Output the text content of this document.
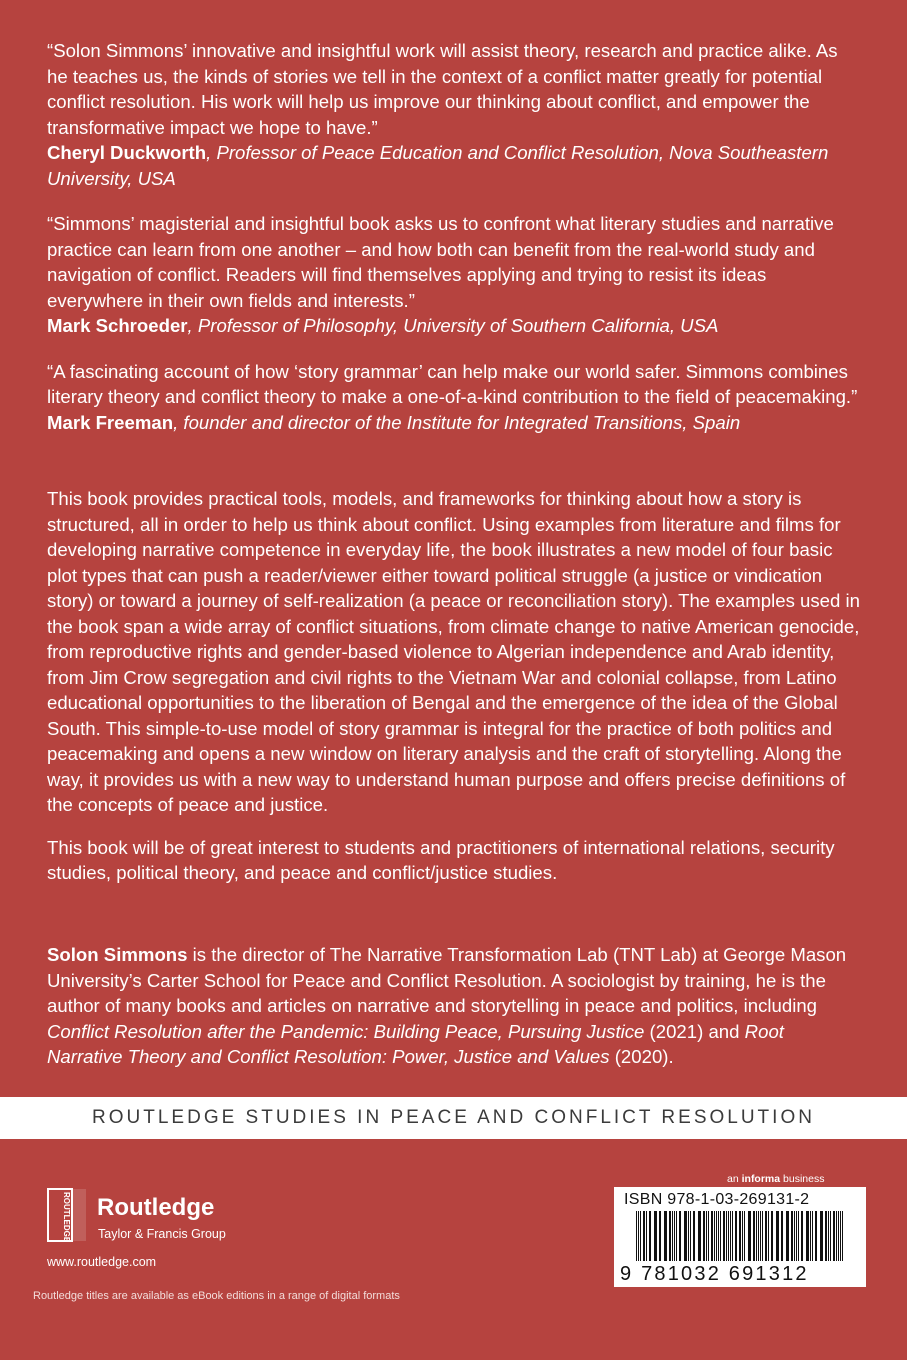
“Solon Simmons’ innovative and insightful work will assist theory, research and practice alike. As he teaches us, the kinds of stories we tell in the context of a conflict matter greatly for potential conflict resolution. His work will help us improve our thinking about conflict, and empower the transformative impact we hope to have.”

Cheryl Duckworth, Professor of Peace Education and Conflict Resolution, Nova Southeastern University, USA

“Simmons’ magisterial and insightful book asks us to confront what literary studies and narrative practice can learn from one another – and how both can benefit from the real-world study and navigation of conflict. Readers will find themselves applying and trying to resist its ideas everywhere in their own fields and interests.”

Mark Schroeder, Professor of Philosophy, University of Southern California, USA

“A fascinating account of how ‘story grammar’ can help make our world safer. Simmons combines literary theory and conflict theory to make a one-of-a-kind contribution to the field of peacemaking.”

Mark Freeman, founder and director of the Institute for Integrated Transitions, Spain

This book provides practical tools, models, and frameworks for thinking about how a story is structured, all in order to help us think about conflict. Using examples from literature and films for developing narrative competence in everyday life, the book illustrates a new model of four basic plot types that can push a reader/viewer either toward political struggle (a justice or vindication story) or toward a journey of self-realization (a peace or reconciliation story). The examples used in the book span a wide array of conflict situations, from climate change to native American genocide, from reproductive rights and gender-based violence to Algerian independence and Arab identity, from Jim Crow segregation and civil rights to the Vietnam War and colonial collapse, from Latino educational opportunities to the liberation of Bengal and the emergence of the idea of the Global South. This simple-to-use model of story grammar is integral for the practice of both politics and peacemaking and opens a new window on literary analysis and the craft of storytelling. Along the way, it provides us with a new way to understand human purpose and offers precise definitions of the concepts of peace and justice.

This book will be of great interest to students and practitioners of international relations, security studies, political theory, and peace and conflict/justice studies.

Solon Simmons is the director of The Narrative Transformation Lab (TNT Lab) at George Mason University’s Carter School for Peace and Conflict Resolution. A sociologist by training, he is the author of many books and articles on narrative and storytelling in peace and politics, including Conflict Resolution after the Pandemic: Building Peace, Pursuing Justice (2021) and Root Narrative Theory and Conflict Resolution: Power, Justice and Values (2020).

ROUTLEDGE STUDIES IN PEACE AND CONFLICT RESOLUTION
ROUTLEDGE Routledge
Taylor & Francis Group
www.routledge.com
Routledge titles are available as eBook editions in a range of digital formats
an informa business
ISBN 978-1-03-269131-2
9 781032 691312
